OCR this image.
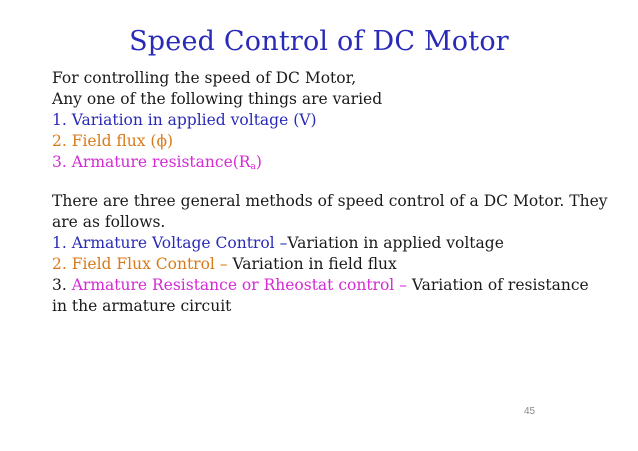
Speed Control of DC Motor
For controlling the speed of DC Motor,
Any one of the following things are varied
1. Variation in applied voltage (V)
2. Field flux (ϕ)
3. Armature $resistance(R_a)$
There are three general methods of speed control of a DC Motor. They
are as follows.
1. Armature Voltage Control –Variation in applied voltage
2. Field Flux Control – Variation in field flux
3. Armature Resistance or Rheostat control – Variation of resistance in the armature circuit
45
